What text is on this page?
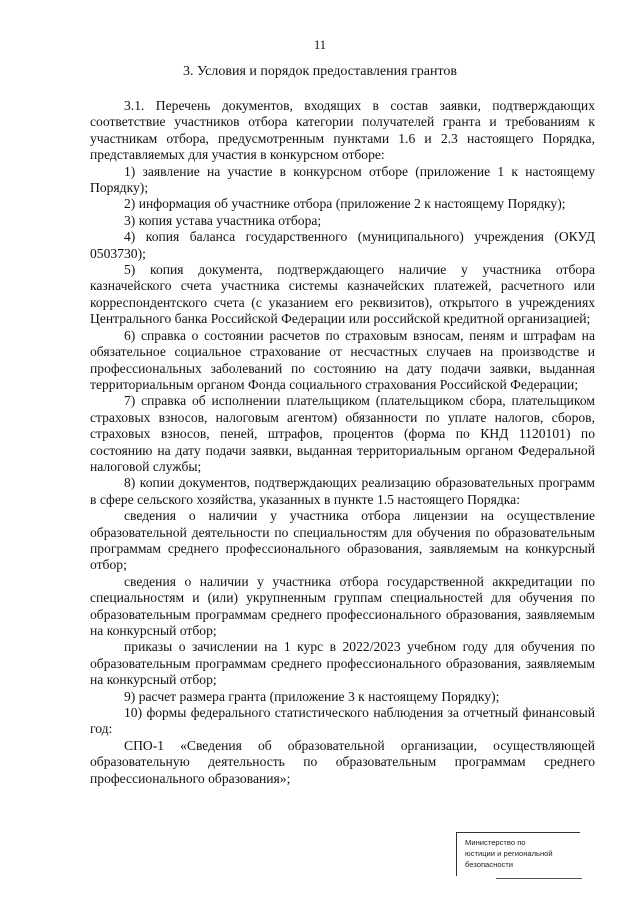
11
3. Условия и порядок предоставления грантов

3.1. Перечень документов, входящих в состав заявки, подтверждающих соответствие участников отбора категории получателей гранта и требованиям к участникам отбора, предусмотренным пунктами 1.6 и 2.3 настоящего Порядка, представляемых для участия в конкурсном отборе:

1) заявление на участие в конкурсном отборе (приложение 1 к настоящему Порядку);

2) информация об участнике отбора (приложение 2 к настоящему Порядку);

3) копия устава участника отбора;

4) копия баланса государственного (муниципального) учреждения (ОКУД 0503730);

5) копия документа, подтверждающего наличие у участника отбора казначейского счета участника системы казначейских платежей, расчетного или корреспондентского счета (с указанием его реквизитов), открытого в учреждениях Центрального банка Российской Федерации или российской кредитной организацией;

6) справка о состоянии расчетов по страховым взносам, пеням и штрафам на обязательное социальное страхование от несчастных случаев на производстве и профессиональных заболеваний по состоянию на дату подачи заявки, выданная территориальным органом Фонда социального страхования Российской Федерации;

7) справка об исполнении плательщиком (плательщиком сбора, плательщиком страховых взносов, налоговым агентом) обязанности по уплате налогов, сборов, страховых взносов, пеней, штрафов, процентов (форма по КНД 1120101) по состоянию на дату подачи заявки, выданная территориальным органом Федеральной налоговой службы;

8) копии документов, подтверждающих реализацию образовательных программ в сфере сельского хозяйства, указанных в пункте 1.5 настоящего Порядка:

сведения о наличии у участника отбора лицензии на осуществление образовательной деятельности по специальностям для обучения по образовательным программам среднего профессионального образования, заявляемым на конкурсный отбор;

сведения о наличии у участника отбора государственной аккредитации по специальностям и (или) укрупненным группам специальностей для обучения по образовательным программам среднего профессионального образования, заявляемым на конкурсный отбор;

приказы о зачислении на 1 курс в 2022/2023 учебном году для обучения по образовательным программам среднего профессионального образования, заявляемым на конкурсный отбор;

9) расчет размера гранта (приложение 3 к настоящему Порядку);

10) формы федерального статистического наблюдения за отчетный финансовый год:

СПО-1 «Сведения об образовательной организации, осуществляющей образовательную деятельность по образовательным программам среднего профессионального образования»;

Министерство по
юстиции и региональной
безопасности
